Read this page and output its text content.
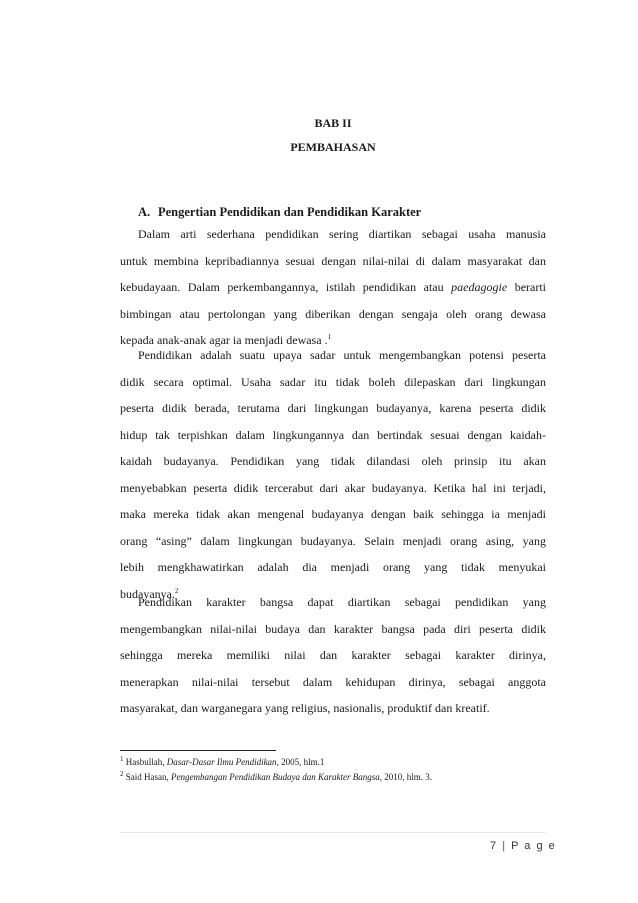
BAB II
PEMBAHASAN
A. Pengertian Pendidikan dan Pendidikan Karakter
Dalam arti sederhana pendidikan sering diartikan sebagai usaha manusia
untuk membina kepribadiannya sesuai dengan nilai-nilai di dalam masyarakat dan
kebudayaan. Dalam perkembangannya, istilah pendidikan atau paedagogie berarti
bimbingan atau pertolongan yang diberikan dengan sengaja oleh orang dewasa
kepada anak-anak agar ia menjadi dewasa .$^1$
Pendidikan adalah suatu upaya sadar untuk mengembangkan potensi peserta
didik secara optimal. Usaha sadar itu tidak boleh dilepaskan dari lingkungan
peserta didik berada, terutama dari lingkungan budayanya, karena peserta didik
hidup tak terpishkan dalam lingkungannya dan bertindak sesuai dengan kaidah-
kaidah budayanya. Pendidikan yang tidak dilandasi oleh prinsip itu akan
menyebabkan peserta didik tercerabut dari akar budayanya. Ketika hal ini terjadi,
maka mereka tidak akan mengenal budayanya dengan baik sehingga ia menjadi
orang “asing” dalam lingkungan budayanya. Selain menjadi orang asing, yang
lebih mengkhawatirkan adalah dia menjadi orang yang tidak menyukai
budayanya.$^2$
Pendidikan karakter bangsa dapat diartikan sebagai pendidikan yang
mengembangkan nilai-nilai budaya dan karakter bangsa pada diri peserta didik
sehingga mereka memiliki nilai dan karakter sebagai karakter dirinya,
menerapkan nilai-nilai tersebut dalam kehidupan dirinya, sebagai anggota
masyarakat, dan warganegara yang religius, nasionalis, produktif dan kreatif.
$^1$ Hasbullah, Dasar-Dasar Ilmu Pendidikan, 2005, hlm.1
$^2$ Said Hasan, Pengembangan Pendidikan Budaya dan Karakter Bangsa, 2010, hlm. 3.
7 | P a g e
